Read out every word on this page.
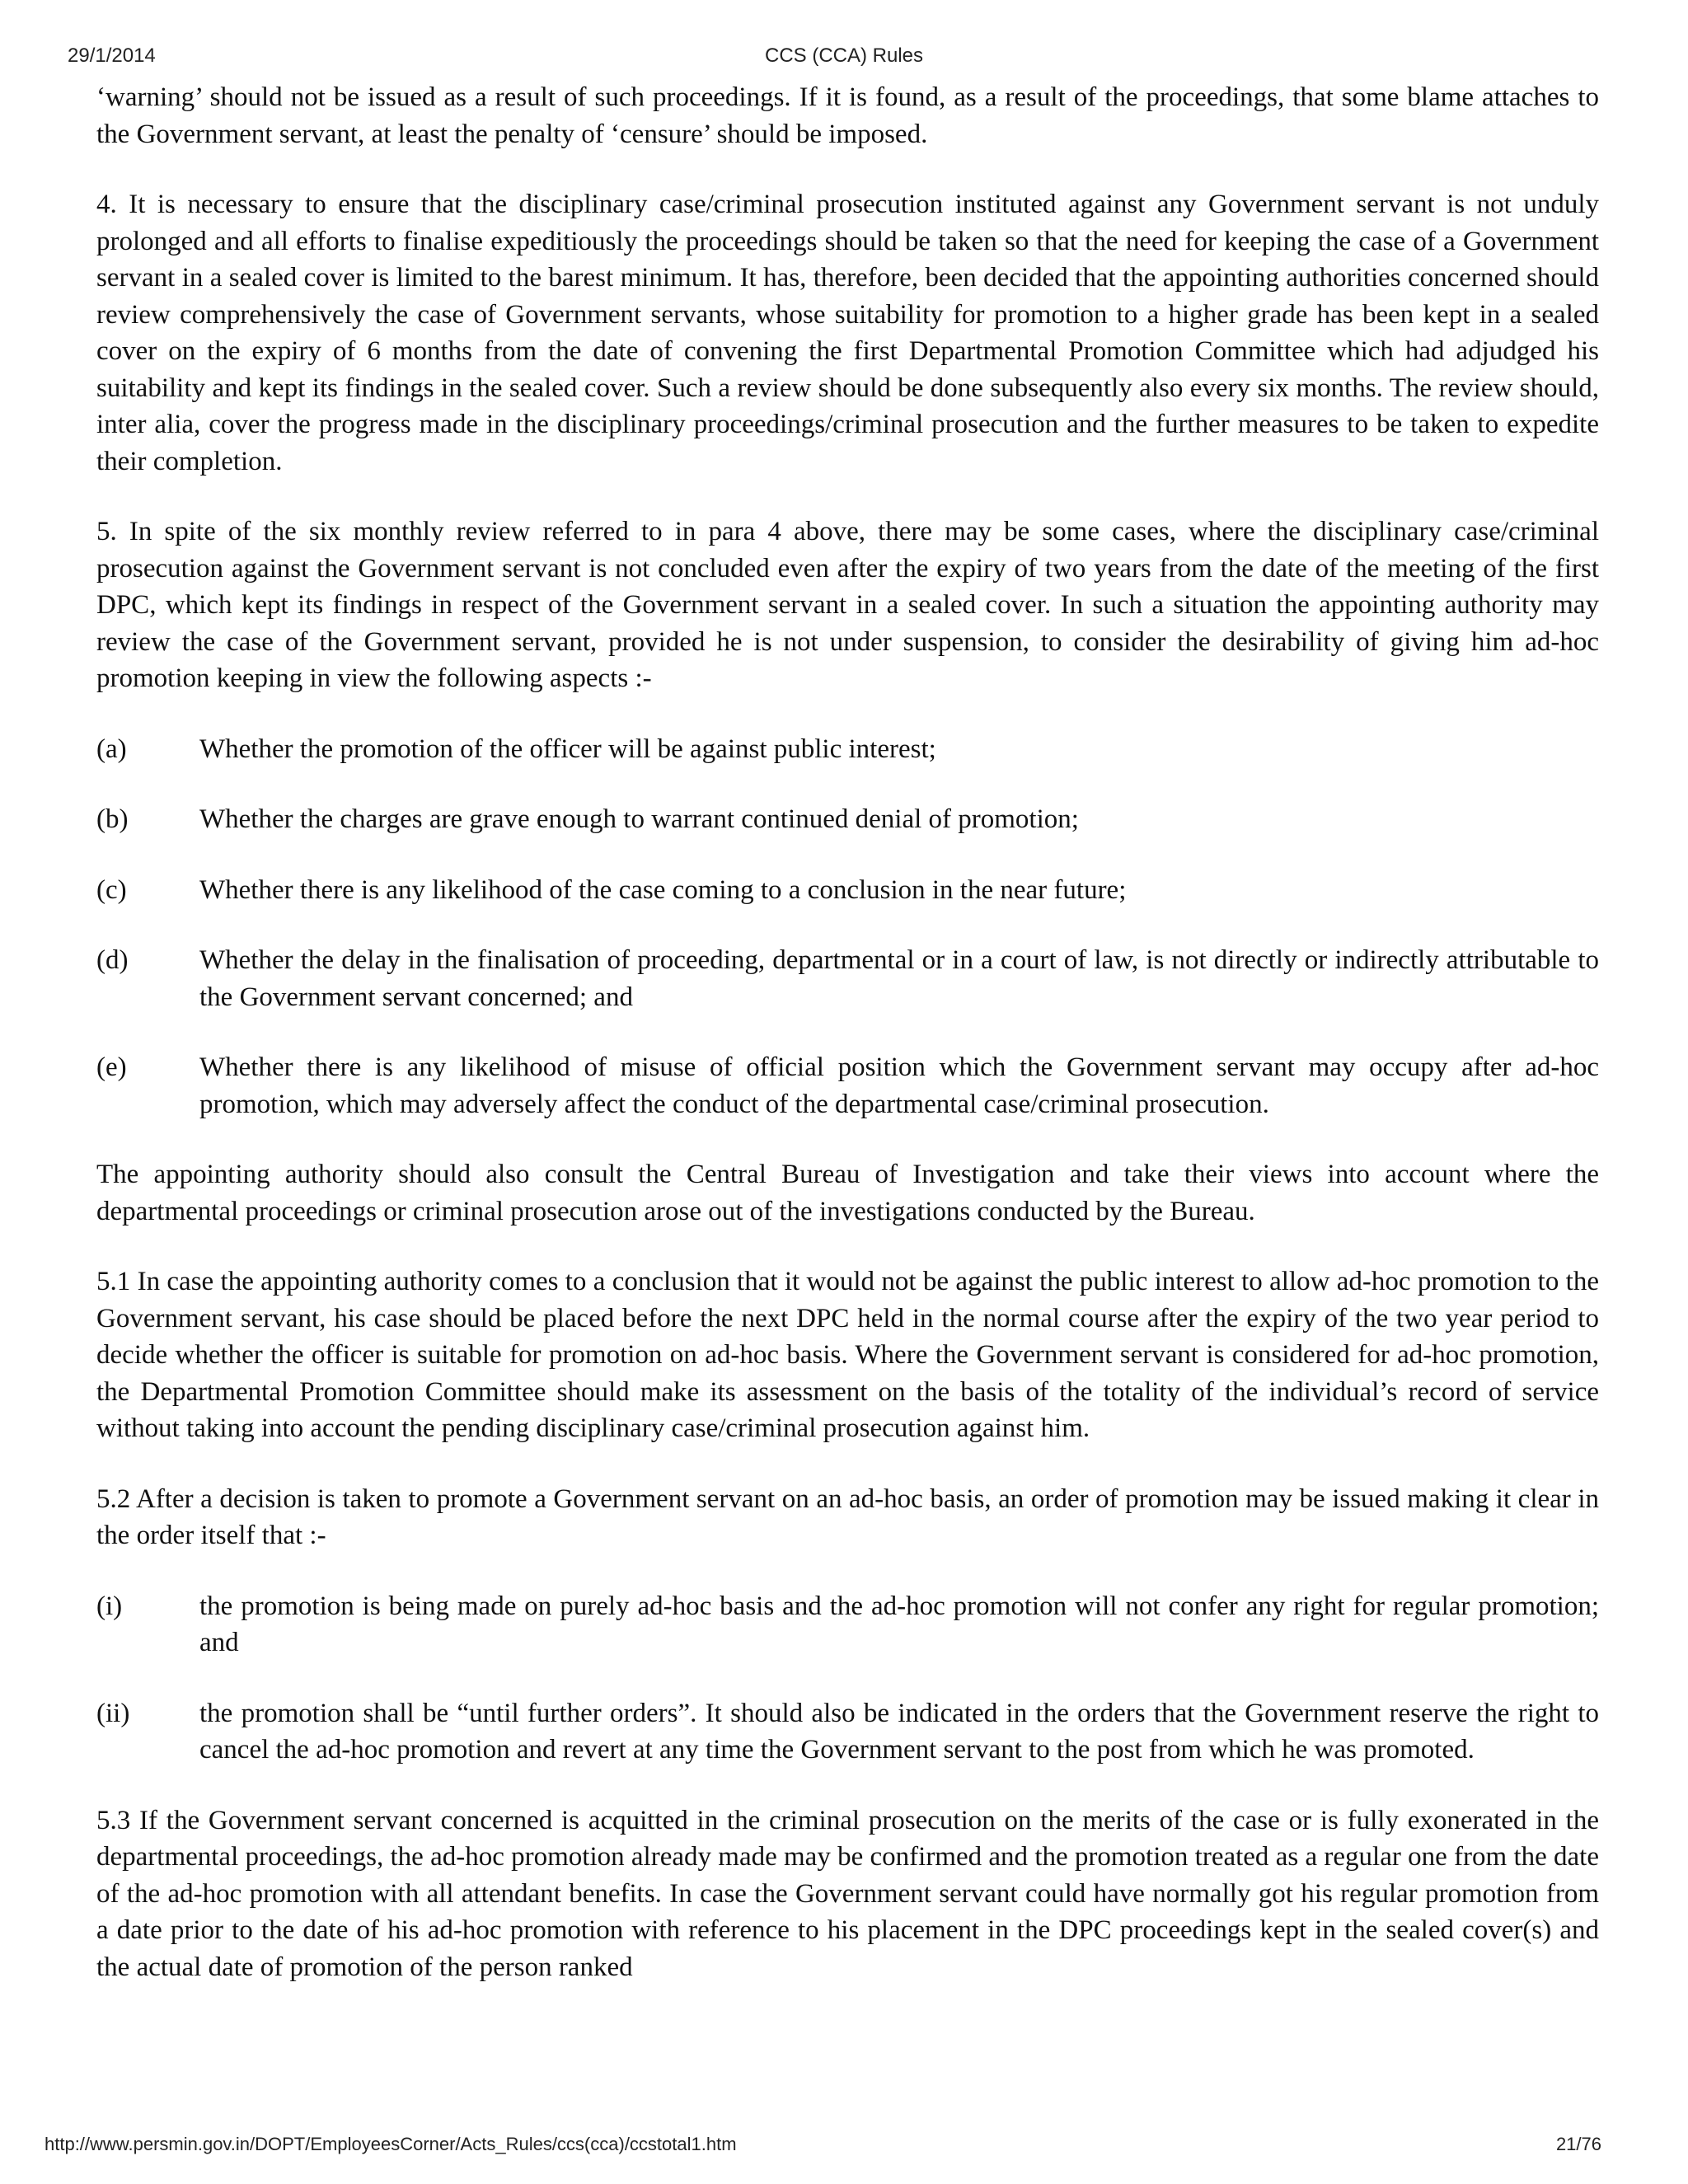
CCS (CCA) Rules
29/1/2014

‘warning’ should not be issued as a result of such proceedings. If it is found, as a result of the proceedings, that some blame attaches to the Government servant, at least the penalty of ‘censure’ should be imposed.

4. It is necessary to ensure that the disciplinary case/criminal prosecution instituted against any Government servant is not unduly prolonged and all efforts to finalise expeditiously the proceedings should be taken so that the need for keeping the case of a Government servant in a sealed cover is limited to the barest minimum. It has, therefore, been decided that the appointing authorities concerned should review comprehensively the case of Government servants, whose suitability for promotion to a higher grade has been kept in a sealed cover on the expiry of 6 months from the date of convening the first Departmental Promotion Committee which had adjudged his suitability and kept its findings in the sealed cover. Such a review should be done subsequently also every six months. The review should, inter alia, cover the progress made in the disciplinary proceedings/criminal prosecution and the further measures to be taken to expedite their completion.

5. In spite of the six monthly review referred to in para 4 above, there may be some cases, where the disciplinary case/criminal prosecution against the Government servant is not concluded even after the expiry of two years from the date of the meeting of the first DPC, which kept its findings in respect of the Government servant in a sealed cover. In such a situation the appointing authority may review the case of the Government servant, provided he is not under suspension, to consider the desirability of giving him ad-hoc promotion keeping in view the following aspects :-

(a)	Whether the promotion of the officer will be against public interest;
(b)	Whether the charges are grave enough to warrant continued denial of promotion;
(c)	Whether there is any likelihood of the case coming to a conclusion in the near future;
(d)	Whether the delay in the finalisation of proceeding, departmental or in a court of law, is not directly or indirectly attributable to the Government servant concerned; and
(e)	Whether there is any likelihood of misuse of official position which the Government servant may occupy after ad-hoc promotion, which may adversely affect the conduct of the departmental case/criminal prosecution.

The appointing authority should also consult the Central Bureau of Investigation and take their views into account where the departmental proceedings or criminal prosecution arose out of the investigations conducted by the Bureau.

5.1 In case the appointing authority comes to a conclusion that it would not be against the public interest to allow ad-hoc promotion to the Government servant, his case should be placed before the next DPC held in the normal course after the expiry of the two year period to decide whether the officer is suitable for promotion on ad-hoc basis. Where the Government servant is considered for ad-hoc promotion, the Departmental Promotion Committee should make its assessment on the basis of the totality of the individual’s record of service without taking into account the pending disciplinary case/criminal prosecution against him.

5.2 After a decision is taken to promote a Government servant on an ad-hoc basis, an order of promotion may be issued making it clear in the order itself that :-

(i)	the promotion is being made on purely ad-hoc basis and the ad-hoc promotion will not confer any right for regular promotion; and
(ii)	the promotion shall be “until further orders”. It should also be indicated in the orders that the Government reserve the right to cancel the ad-hoc promotion and revert at any time the Government servant to the post from which he was promoted.

5.3 If the Government servant concerned is acquitted in the criminal prosecution on the merits of the case or is fully exonerated in the departmental proceedings, the ad-hoc promotion already made may be confirmed and the promotion treated as a regular one from the date of the ad-hoc promotion with all attendant benefits. In case the Government servant could have normally got his regular promotion from a date prior to the date of his ad-hoc promotion with reference to his placement in the DPC proceedings kept in the sealed cover(s) and the actual date of promotion of the person ranked

http://www.persmin.gov.in/DOPT/EmployeesCorner/Acts_Rules/ccs(cca)/ccstotal1.htm	21/76
